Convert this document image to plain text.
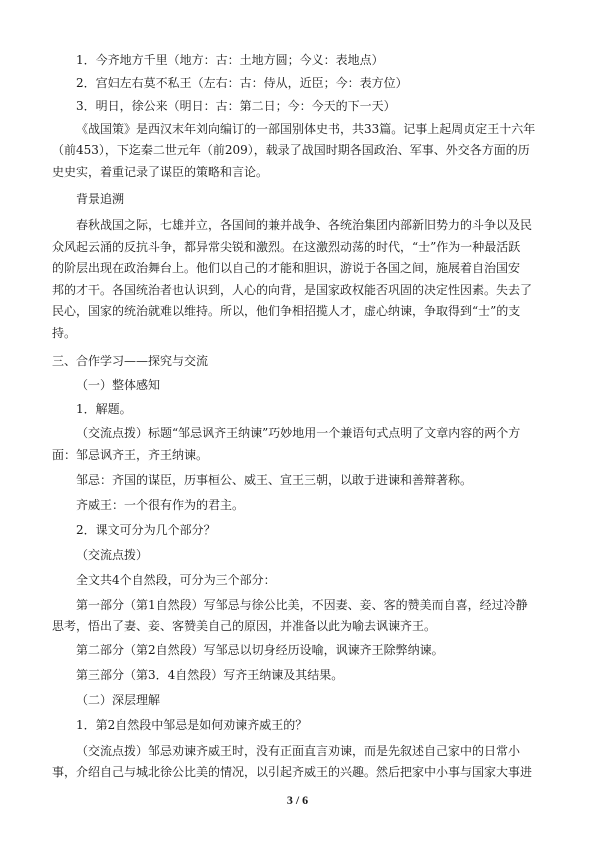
1．今齐地方千里（地方：古：土地方圆；今义：表地点）
2．宫妇左右莫不私王（左右：古：侍从，近臣；今：表方位）
3．明日，徐公来（明日：古：第二日；今：今天的下一天）
《战国策》是西汉末年刘向编订的一部国别体史书，共33篇。记事上起周贞定王十六年
（前453），下迄秦二世元年（前209），载录了战国时期各国政治、军事、外交各方面的历
史史实，着重记录了谋臣的策略和言论。
背景追溯
春秋战国之际，七雄并立，各国间的兼并战争、各统治集团内部新旧势力的斗争以及民
众风起云涌的反抗斗争，都异常尖锐和激烈。在这激烈动荡的时代，“士”作为一种最活跃
的阶层出现在政治舞台上。他们以自己的才能和胆识，游说于各国之间，施展着自治国安
邦的才干。各国统治者也认识到，人心的向背，是国家政权能否巩固的决定性因素。失去了
民心，国家的统治就难以维持。所以，他们争相招揽人才，虚心纳谏，争取得到“士”的支
持。
三、合作学习——探究与交流
（一）整体感知
1．解题。
（交流点拨）标题“邹忌讽齐王纳谏”巧妙地用一个兼语句式点明了文章内容的两个方
面：邹忌讽齐王，齐王纳谏。
邹忌：齐国的谋臣，历事桓公、威王、宣王三朝，以敢于进谏和善辩著称。
齐威王：一个很有作为的君主。
2．课文可分为几个部分？
（交流点拨）
全文共4个自然段，可分为三个部分：
第一部分（第1自然段）写邹忌与徐公比美，不因妻、妾、客的赞美而自喜，经过冷静
思考，悟出了妻、妾、客赞美自己的原因，并准备以此为喻去讽谏齐王。
第二部分（第2自然段）写邹忌以切身经历设喻，讽谏齐王除弊纳谏。
第三部分（第3．4自然段）写齐王纳谏及其结果。
（二）深层理解
1．第2自然段中邹忌是如何劝谏齐威王的？
（交流点拨）邹忌劝谏齐威王时，没有正面直言劝谏，而是先叙述自己家中的日常小
事，介绍自己与城北徐公比美的情况，以引起齐威王的兴趣。然后把家中小事与国家大事进
3 / 6
